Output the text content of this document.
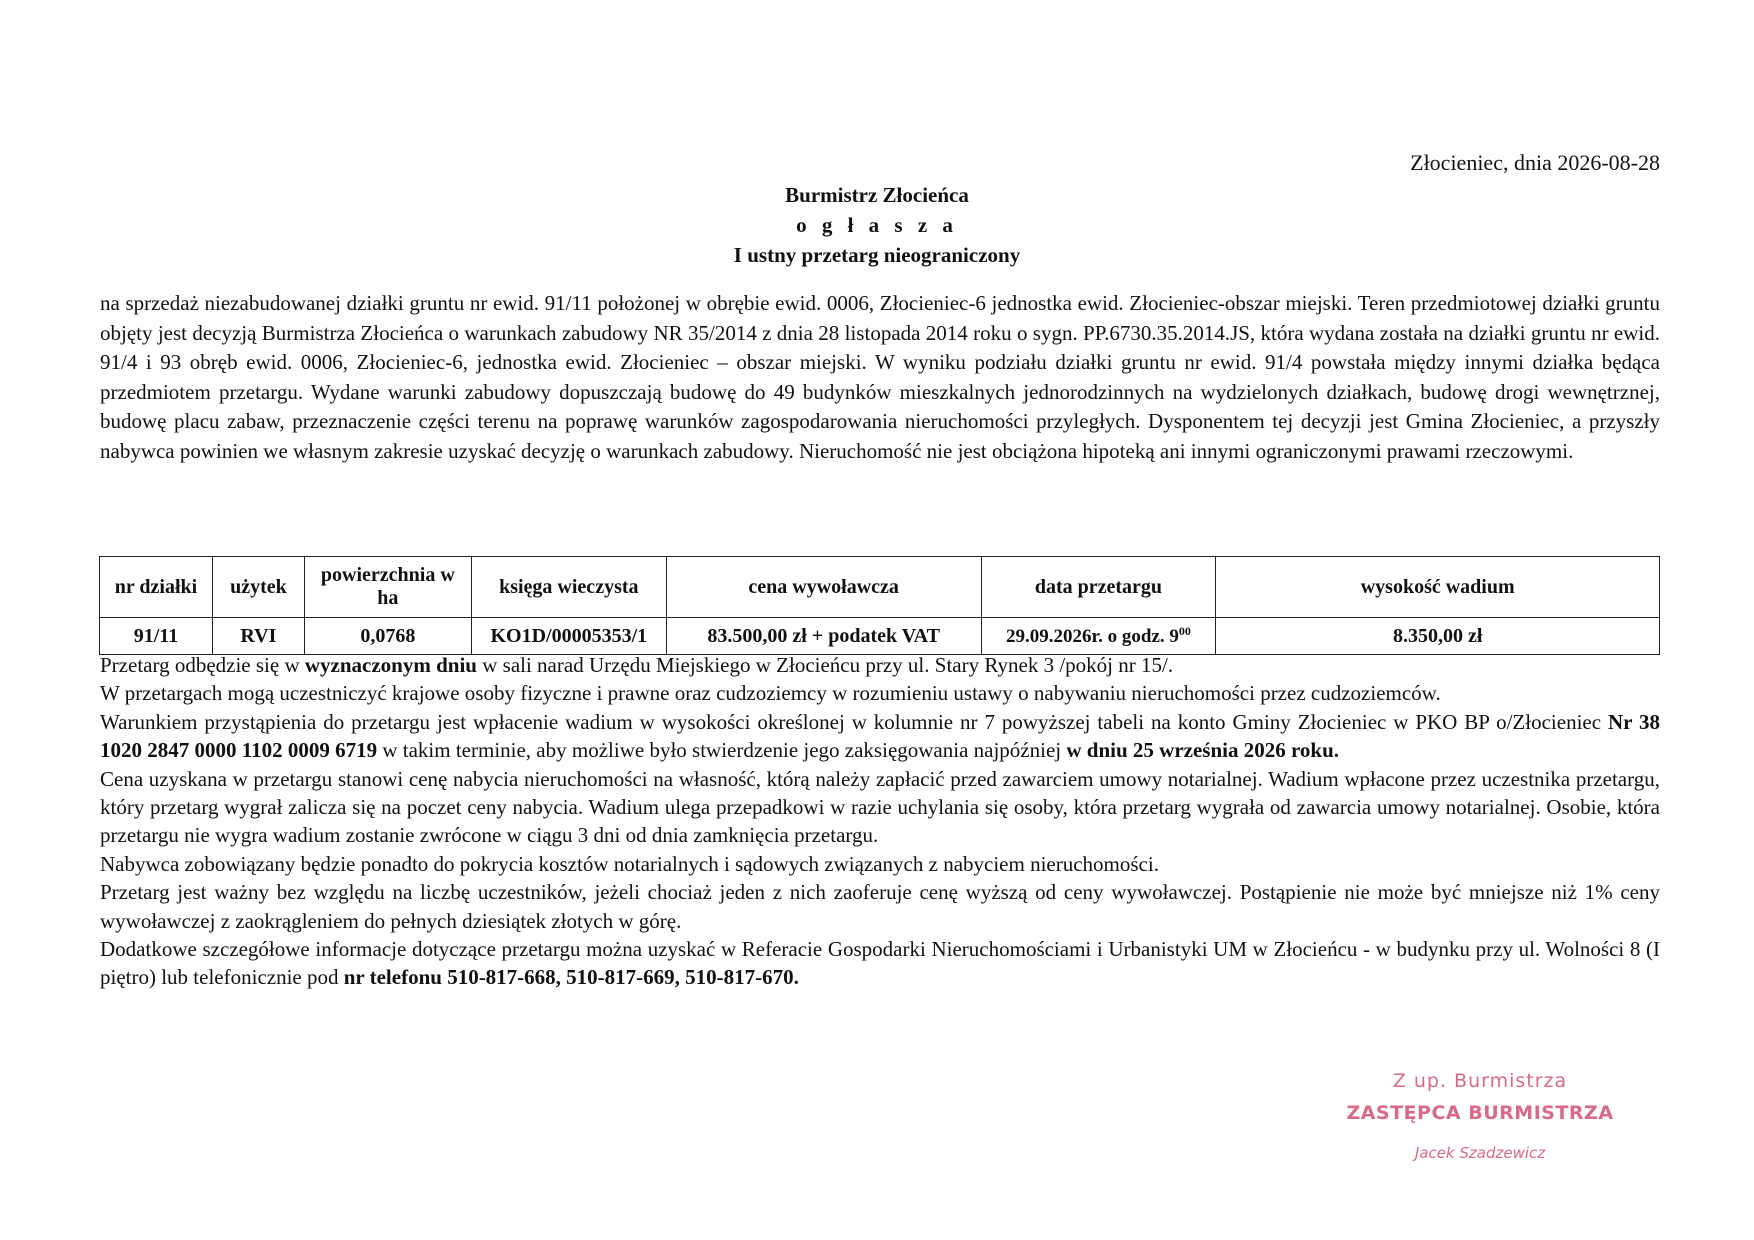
Złocieniec, dnia 2026-08-28
Burmistrz Złocieńca
o g ł a s z a
I ustny przetarg nieograniczony
na sprzedaż niezabudowanej działki gruntu nr ewid. 91/11 położonej w obrębie ewid. 0006, Złocieniec-6 jednostka ewid. Złocieniec-obszar miejski. Teren przedmiotowej działki gruntu objęty jest decyzją Burmistrza Złocieńca o warunkach zabudowy NR 35/2014 z dnia 28 listopada 2014 roku o sygn. PP.6730.35.2014.JS, która wydana została na działki gruntu nr ewid. 91/4 i 93 obręb ewid. 0006, Złocieniec-6, jednostka ewid. Złocieniec – obszar miejski. W wyniku podziału działki gruntu nr ewid. 91/4 powstała między innymi działka będąca przedmiotem przetargu. Wydane warunki zabudowy dopuszczają budowę do 49 budynków mieszkalnych jednorodzinnych na wydzielonych działkach, budowę drogi wewnętrznej, budowę placu zabaw, przeznaczenie części terenu na poprawę warunków zagospodarowania nieruchomości przyległych. Dysponentem tej decyzji jest Gmina Złocieniec, a przyszły nabywca powinien we własnym zakresie uzyskać decyzję o warunkach zabudowy. Nieruchomość nie jest obciążona hipoteką ani innymi ograniczonymi prawami rzeczowymi.
nr działki	użytek	powierzchnia w ha	księga wieczysta	cena wywoławcza	data przetargu	wysokość wadium
91/11	RVI	0,0768	KO1D/00005353/1	83.500,00 zł + podatek VAT	29.09.2026r. o godz. $9^{00}$	8.350,00 zł

Przetarg odbędzie się w wyznaczonym dniu w sali narad Urzędu Miejskiego w Złocieńcu przy ul. Stary Rynek 3 /pokój nr 15/.

W przetargach mogą uczestniczyć krajowe osoby fizyczne i prawne oraz cudzoziemcy w rozumieniu ustawy o nabywaniu nieruchomości przez cudzoziemców.

Warunkiem przystąpienia do przetargu jest wpłacenie wadium w wysokości określonej w kolumnie nr 7 powyższej tabeli na konto Gminy Złocieniec w PKO BP o/Złocieniec Nr 38 1020 2847 0000 1102 0009 6719 w takim terminie, aby możliwe było stwierdzenie jego zaksięgowania najpóźniej w dniu 25 września 2026 roku.

Cena uzyskana w przetargu stanowi cenę nabycia nieruchomości na własność, którą należy zapłacić przed zawarciem umowy notarialnej. Wadium wpłacone przez uczestnika przetargu, który przetarg wygrał zalicza się na poczet ceny nabycia. Wadium ulega przepadkowi w razie uchylania się osoby, która przetarg wygrała od zawarcia umowy notarialnej. Osobie, która przetargu nie wygra wadium zostanie zwrócone w ciągu 3 dni od dnia zamknięcia przetargu.

Nabywca zobowiązany będzie ponadto do pokrycia kosztów notarialnych i sądowych związanych z nabyciem nieruchomości.

Przetarg jest ważny bez względu na liczbę uczestników, jeżeli chociaż jeden z nich zaoferuje cenę wyższą od ceny wywoławczej. Postąpienie nie może być mniejsze niż 1% ceny wywoławczej z zaokrągleniem do pełnych dziesiątek złotych w górę.

Dodatkowe szczegółowe informacje dotyczące przetargu można uzyskać w Referacie Gospodarki Nieruchomościami i Urbanistyki UM w Złocieńcu - w budynku przy ul. Wolności 8 (I piętro) lub telefonicznie pod nr telefonu 510-817-668, 510-817-669, 510-817-670.

Z up. Burmistrza
ZASTĘPCA BURMISTRZA
Jacek Szadzewicz
